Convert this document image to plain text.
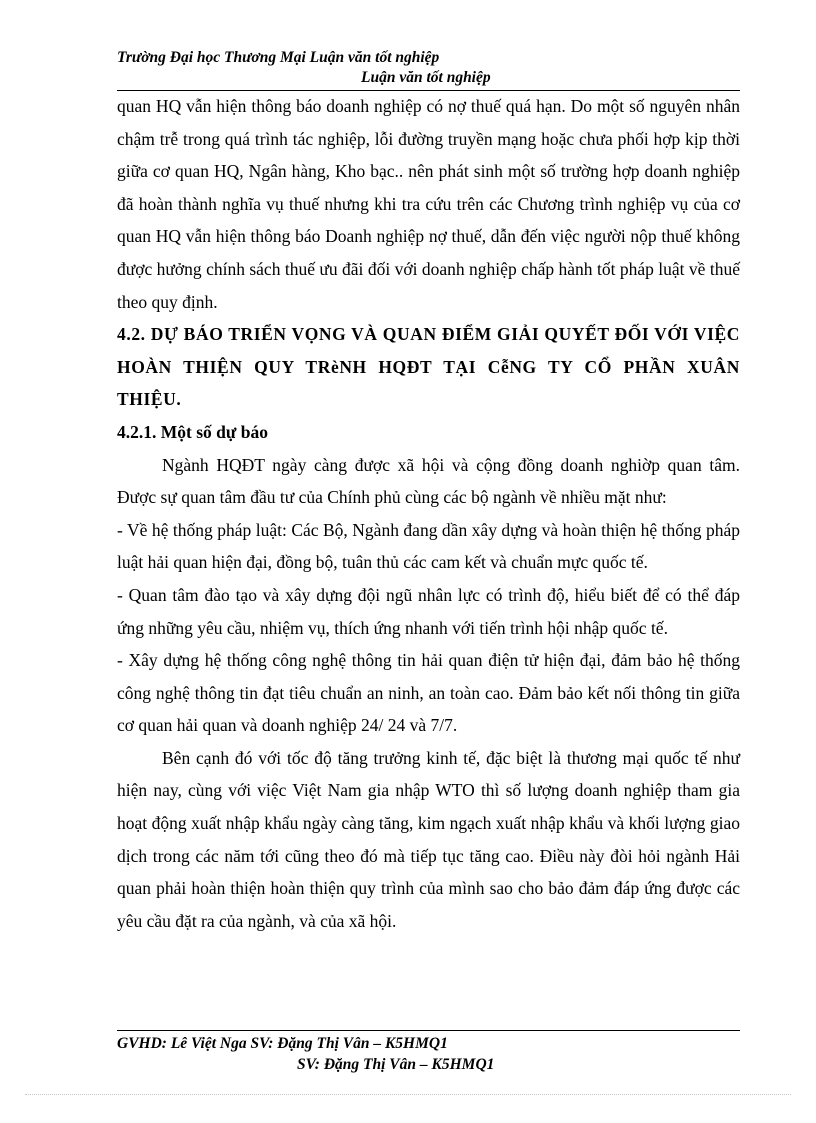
Trường Đại học Thương Mại Luận văn tốt nghiệp
Luận văn tốt nghiệp

quan HQ vẫn hiện thông báo doanh nghiệp có nợ thuế quá hạn. Do một số nguyên nhân chậm trễ trong quá trình tác nghiệp, lỗi đường truyền mạng hoặc chưa phối hợp kịp thời giữa cơ quan HQ, Ngân hàng, Kho bạc.. nên phát sinh một số trường hợp doanh nghiệp đã hoàn thành nghĩa vụ thuế nhưng khi tra cứu trên các Chương trình nghiệp vụ của cơ quan HQ vẫn hiện thông báo Doanh nghiệp nợ thuế, dẫn đến việc người nộp thuế không được hưởng chính sách thuế ưu đãi đối với doanh nghiệp chấp hành tốt pháp luật về thuế theo quy định.

4.2. DỰ BÁO TRIỂN VỌNG VÀ QUAN ĐIỂM GIẢI QUYẾT ĐỐI VỚI VIỆC HOÀN THIỆN QUY TRèNH HQĐT TẠI CễNG TY CỔ PHẦN XUÂN THIỆU.

4.2.1. Một số dự báo

Ngành HQĐT ngày càng được xã hội và cộng đồng doanh nghiờp quan tâm. Được sự quan tâm đầu tư của Chính phủ cùng các bộ ngành về nhiều mặt như:

- Về hệ thống pháp luật: Các Bộ, Ngành đang dần xây dựng và hoàn thiện hệ thống pháp luật hải quan hiện đại, đồng bộ, tuân thủ các cam kết và chuẩn mực quốc tế.

- Quan tâm đào tạo và xây dựng đội ngũ nhân lực có trình độ, hiểu biết để có thể đáp ứng những yêu cầu, nhiệm vụ, thích ứng nhanh với tiến trình hội nhập quốc tế.

- Xây dựng hệ thống công nghệ thông tin hải quan điện tử hiện đại, đảm bảo hệ thống công nghệ thông tin đạt tiêu chuẩn an ninh, an toàn cao. Đảm bảo kết nối thông tin giữa cơ quan hải quan và doanh nghiệp 24/ 24 và 7/7.

Bên cạnh đó với tốc độ tăng trưởng kinh tế, đặc biệt là thương mại quốc tế như hiện nay, cùng với việc Việt Nam gia nhập WTO thì số lượng doanh nghiệp tham gia hoạt động xuất nhập khẩu ngày càng tăng, kim ngạch xuất nhập khẩu và khối lượng giao dịch trong các năm tới cũng theo đó mà tiếp tục tăng cao. Điều này đòi hỏi ngành Hải quan phải hoàn thiện hoàn thiện quy trình của mình sao cho bảo đảm đáp ứng được các yêu cầu đặt ra của ngành, và của xã hội.

GVHD: Lê Việt Nga SV: Đặng Thị Vân – K5HMQ1
SV: Đặng Thị Vân – K5HMQ1
